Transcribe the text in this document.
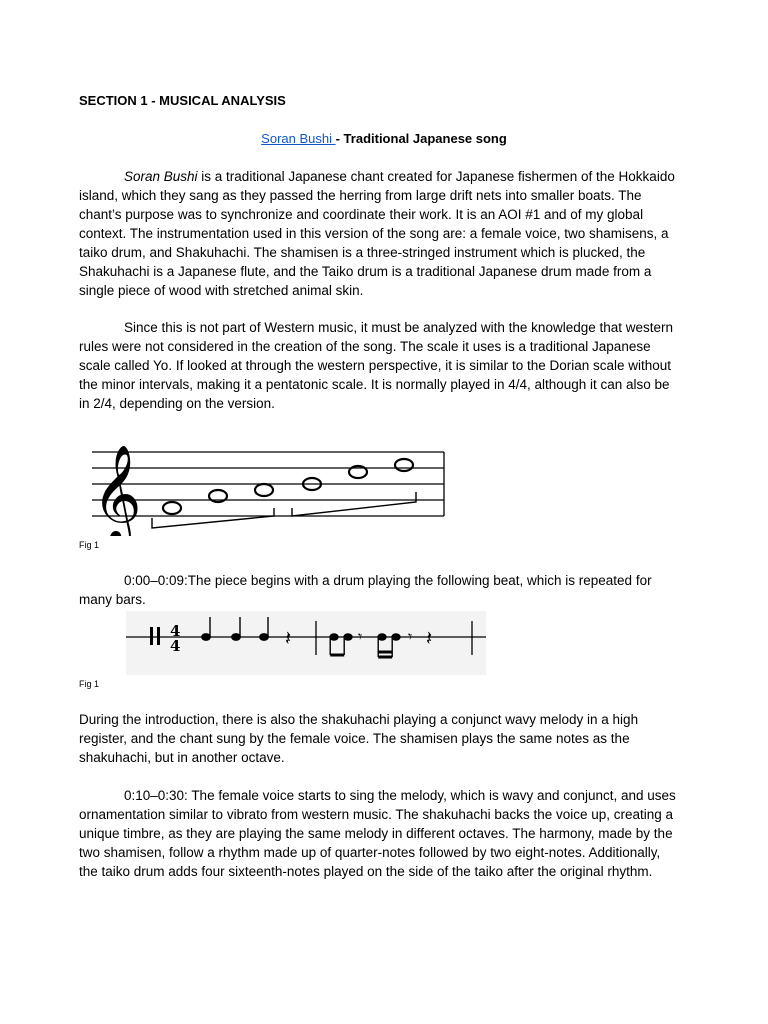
SECTION 1 - MUSICAL ANALYSIS
Soran Bushi - Traditional Japanese song

Soran Bushi is a traditional Japanese chant created for Japanese fishermen of the Hokkaido island, which they sang as they passed the herring from large drift nets into smaller boats. The chant’s purpose was to synchronize and coordinate their work. It is an AOI #1 and of my global context. The instrumentation used in this version of the song are: a female voice, two shamisens, a taiko drum, and Shakuhachi. The shamisen is a three-stringed instrument which is plucked, the Shakuhachi is a Japanese flute, and the Taiko drum is a traditional Japanese drum made from a single piece of wood with stretched animal skin.

Since this is not part of Western music, it must be analyzed with the knowledge that western rules were not considered in the creation of the song. The scale it uses is a traditional Japanese scale called Yo. If looked at through the western perspective, it is similar to the Dorian scale without the minor intervals, making it a pentatonic scale. It is normally played in 4/4, although it can also be in 2/4, depending on the version.

𝄞
Fig 1

0:00–0:09:The piece begins with a drum playing the following beat, which is repeated for many bars.

4
4	𝄽	𝄾	𝄾 𝄽
Fig 1

During the introduction, there is also the shakuhachi playing a conjunct wavy melody in a high register, and the chant sung by the female voice. The shamisen plays the same notes as the shakuhachi, but in another octave.

0:10–0:30: The female voice starts to sing the melody, which is wavy and conjunct, and uses ornamentation similar to vibrato from western music. The shakuhachi backs the voice up, creating a unique timbre, as they are playing the same melody in different octaves. The harmony, made by the two shamisen, follow a rhythm made up of quarter-notes followed by two eight-notes. Additionally, the taiko drum adds four sixteenth-notes played on the side of the taiko after the original rhythm.
